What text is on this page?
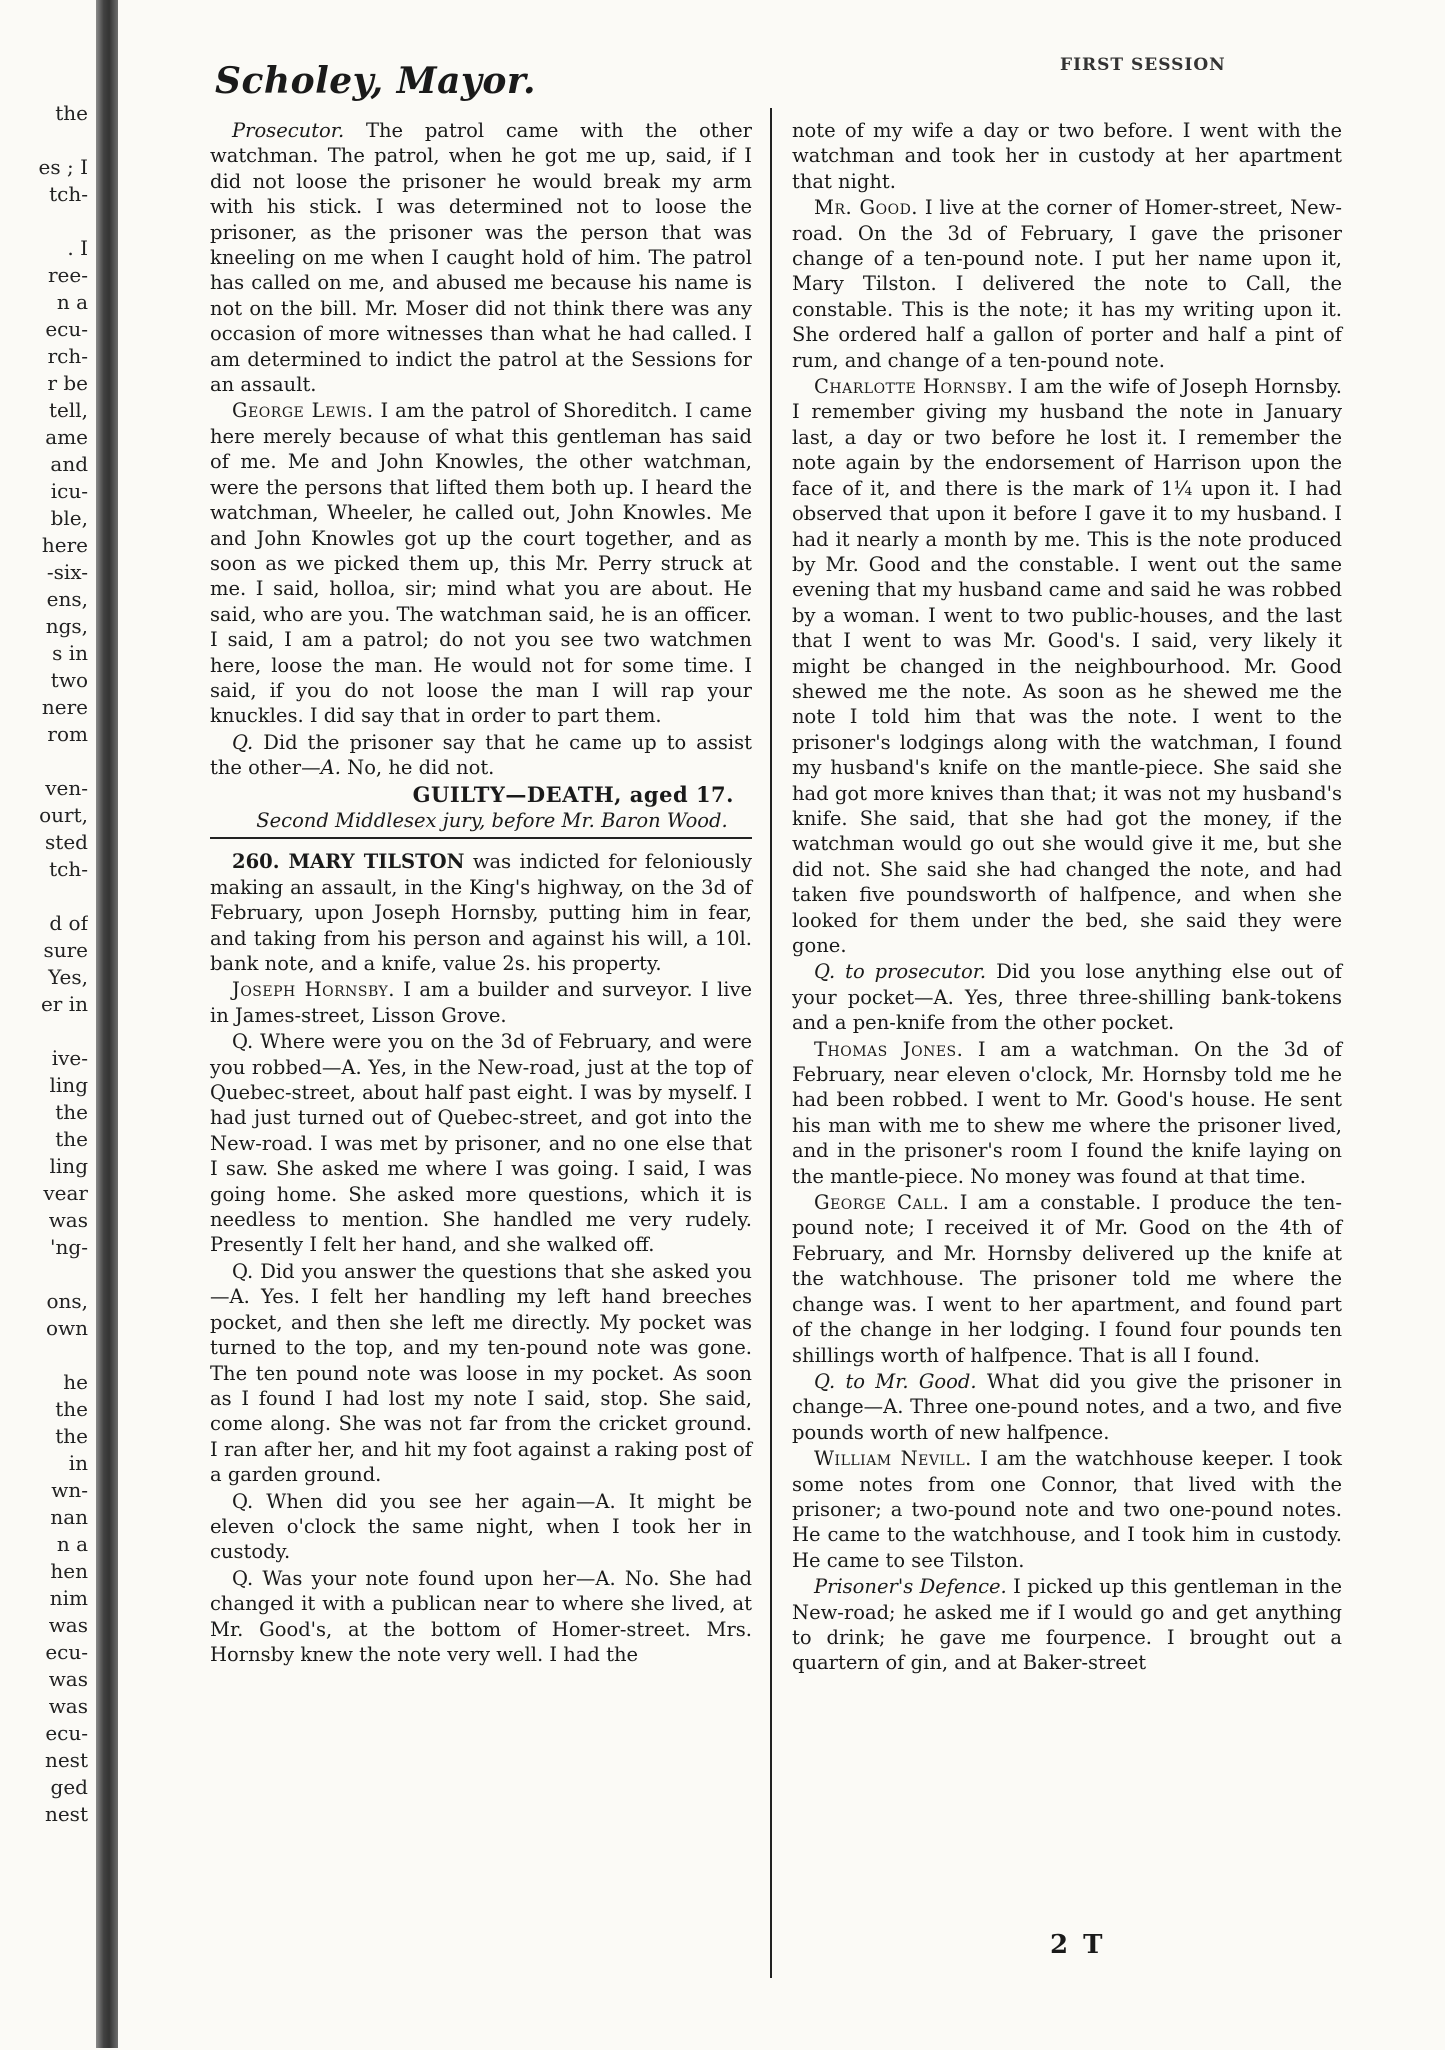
the

es ; I
tch-

. I
ree-
n a
ecu-
rch-
r be
tell,
ame
and
icu-
ble,
here
-six-
ens,
ngs,
s in
two
nere
rom

ven-
ourt,
sted
tch-

d of
sure
Yes,
er in

ive-
ling
the
the
ling
vear
was
'ng-

ons,
own

he
the
the
in
wn-
nan
n a
hen
nim
was
ecu-
was
was
ecu-
nest
ged
nest
Scholey, Mayor.	FIRST SESSION

Prosecutor. The patrol came with the other watchman. The patrol, when he got me up, said, if I did not loose the prisoner he would break my arm with his stick. I was determined not to loose the prisoner, as the prisoner was the person that was kneeling on me when I caught hold of him. The patrol has called on me, and abused me because his name is not on the bill. Mr. Moser did not think there was any occasion of more witnesses than what he had called. I am determined to indict the patrol at the Sessions for an assault.

George Lewis. I am the patrol of Shoreditch. I came here merely because of what this gentleman has said of me. Me and John Knowles, the other watchman, were the persons that lifted them both up. I heard the watchman, Wheeler, he called out, John Knowles. Me and John Knowles got up the court together, and as soon as we picked them up, this Mr. Perry struck at me. I said, holloa, sir; mind what you are about. He said, who are you. The watchman said, he is an officer. I said, I am a patrol; do not you see two watchmen here, loose the man. He would not for some time. I said, if you do not loose the man I will rap your knuckles. I did say that in order to part them.

Q. Did the prisoner say that he came up to assist the other—A. No, he did not.

GUILTY—DEATH, aged 17.

Second Middlesex jury, before Mr. Baron Wood.

260. MARY TILSTON was indicted for feloniously making an assault, in the King's highway, on the 3d of February, upon Joseph Hornsby, putting him in fear, and taking from his person and against his will, a 10l. bank note, and a knife, value 2s. his property.

Joseph Hornsby. I am a builder and surveyor. I live in James-street, Lisson Grove.

Q. Where were you on the 3d of February, and were you robbed—A. Yes, in the New-road, just at the top of Quebec-street, about half past eight. I was by myself. I had just turned out of Quebec-street, and got into the New-road. I was met by prisoner, and no one else that I saw. She asked me where I was going. I said, I was going home. She asked more questions, which it is needless to mention. She handled me very rudely. Presently I felt her hand, and she walked off.

Q. Did you answer the questions that she asked you—A. Yes. I felt her handling my left hand breeches pocket, and then she left me directly. My pocket was turned to the top, and my ten-pound note was gone. The ten pound note was loose in my pocket. As soon as I found I had lost my note I said, stop. She said, come along. She was not far from the cricket ground. I ran after her, and hit my foot against a raking post of a garden ground.

Q. When did you see her again—A. It might be eleven o'clock the same night, when I took her in custody.

Q. Was your note found upon her—A. No. She had changed it with a publican near to where she lived, at Mr. Good's, at the bottom of Homer-street. Mrs. Hornsby knew the note very well. I had the

note of my wife a day or two before. I went with the watchman and took her in custody at her apartment that night.

Mr. Good. I live at the corner of Homer-street, New-road. On the 3d of February, I gave the prisoner change of a ten-pound note. I put her name upon it, Mary Tilston. I delivered the note to Call, the constable. This is the note; it has my writing upon it. She ordered half a gallon of porter and half a pint of rum, and change of a ten-pound note.

Charlotte Hornsby. I am the wife of Joseph Hornsby. I remember giving my husband the note in January last, a day or two before he lost it. I remember the note again by the endorsement of Harrison upon the face of it, and there is the mark of 1¼ upon it. I had observed that upon it before I gave it to my husband. I had it nearly a month by me. This is the note produced by Mr. Good and the constable. I went out the same evening that my husband came and said he was robbed by a woman. I went to two public-houses, and the last that I went to was Mr. Good's. I said, very likely it might be changed in the neighbourhood. Mr. Good shewed me the note. As soon as he shewed me the note I told him that was the note. I went to the prisoner's lodgings along with the watchman, I found my husband's knife on the mantle-piece. She said she had got more knives than that; it was not my husband's knife. She said, that she had got the money, if the watchman would go out she would give it me, but she did not. She said she had changed the note, and had taken five poundsworth of halfpence, and when she looked for them under the bed, she said they were gone.

Q. to prosecutor. Did you lose anything else out of your pocket—A. Yes, three three-shilling bank-tokens and a pen-knife from the other pocket.

Thomas Jones. I am a watchman. On the 3d of February, near eleven o'clock, Mr. Hornsby told me he had been robbed. I went to Mr. Good's house. He sent his man with me to shew me where the prisoner lived, and in the prisoner's room I found the knife laying on the mantle-piece. No money was found at that time.

George Call. I am a constable. I produce the ten-pound note; I received it of Mr. Good on the 4th of February, and Mr. Hornsby delivered up the knife at the watchhouse. The prisoner told me where the change was. I went to her apartment, and found part of the change in her lodging. I found four pounds ten shillings worth of halfpence. That is all I found.

Q. to Mr. Good. What did you give the prisoner in change—A. Three one-pound notes, and a two, and five pounds worth of new halfpence.

William Nevill. I am the watchhouse keeper. I took some notes from one Connor, that lived with the prisoner; a two-pound note and two one-pound notes. He came to the watchhouse, and I took him in custody. He came to see Tilston.

Prisoner's Defence. I picked up this gentleman in the New-road; he asked me if I would go and get anything to drink; he gave me fourpence. I brought out a quartern of gin, and at Baker-street

2 T
